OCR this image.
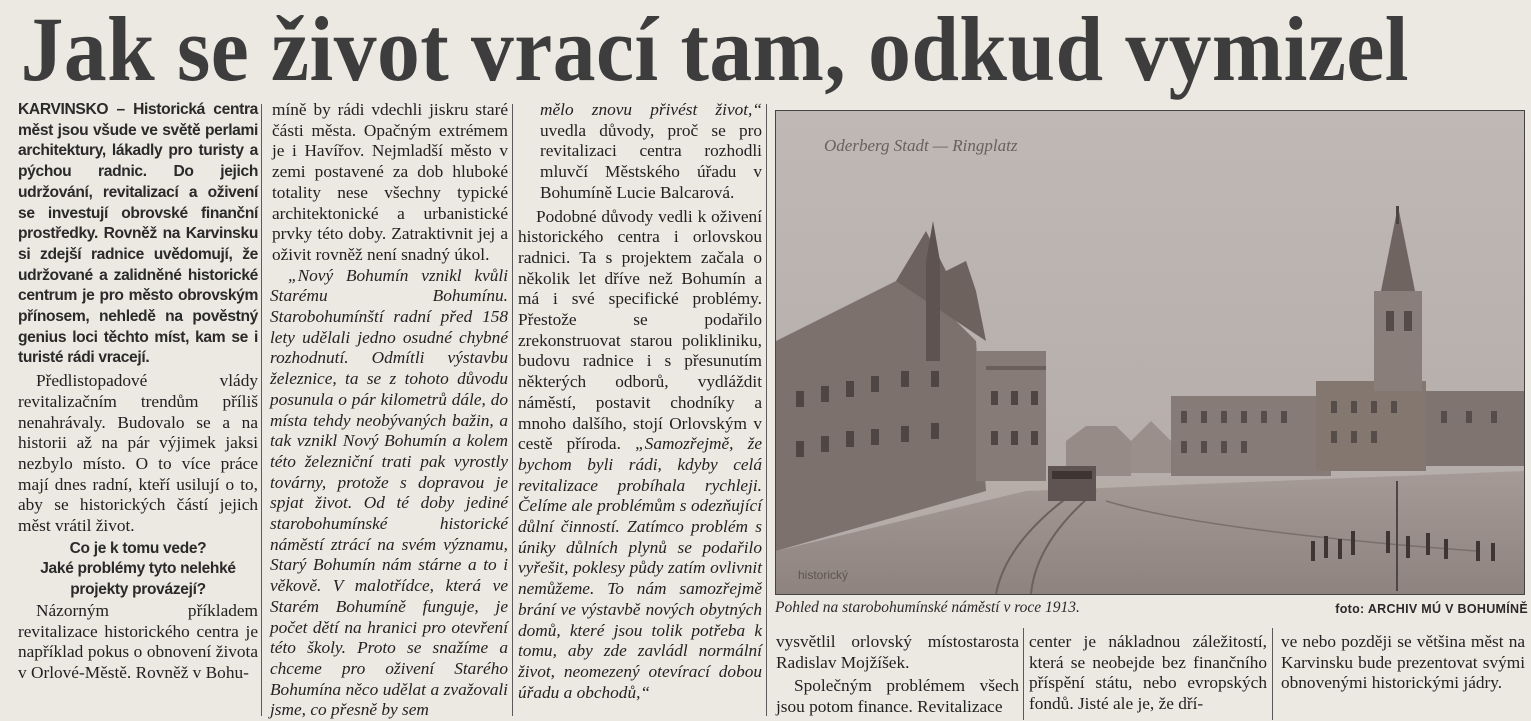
Jak se život vrací tam, odkud vymizel

KARVINSKO – Historická centra měst jsou všude ve světě perlami architektury, lákadly pro turisty a pýchou radnic. Do jejich udržování, revitalizací a oživení se investují obrovské finanční prostředky. Rovněž na Karvinsku si zdejší radnice uvědomují, že udržované a zalidněné historické centrum je pro město obrovským přínosem, nehledě na pověstný genius loci těchto míst, kam se i turisté rádi vracejí.

Předlistopadové vlády revitalizačním trendům příliš nenahrávaly. Budovalo se a na historii až na pár výjimek jaksi nezbylo místo. O to více práce mají dnes radní, kteří usilují o to, aby se historických částí jejich měst vrátil život.

Co je k tomu vede?
Jaké problémy tyto nelehké projekty provázejí?

Názorným příkladem revitalizace historického centra je například pokus o obnovení života v Orlové-Městě. Rovněž v Bohu-

míně by rádi vdechli jiskru staré části města. Opačným extrémem je i Havířov. Nejmladší město v zemi postavené za dob hluboké totality nese všechny typické architektonické a urbanistické prvky této doby. Zatraktivnit jej a oživit rovněž není snadný úkol.

„Nový Bohumín vznikl kvůli Starému Bohumínu. Starobohumínští radní před 158 lety udělali jedno osudné chybné rozhodnutí. Odmítli výstavbu železnice, ta se z tohoto důvodu posunula o pár kilometrů dále, do místa tehdy neobývaných bažin, a tak vznikl Nový Bohumín a kolem této železniční trati pak vyrostly továrny, protože s dopravou je spjat život. Od té doby jediné starobohumínské historické náměstí ztrácí na svém významu, Starý Bohumín nám stárne a to i věkově. V malotřídce, která ve Starém Bohumíně funguje, je počet dětí na hranici pro otevření této školy. Proto se snažíme a chceme pro oživení Starého Bohumína něco udělat a zvažovali jsme, co přesně by sem

mělo znovu přivést život,“ uvedla důvody, proč se pro revitalizaci centra rozhodli mluvčí Městského úřadu v Bohumíně Lucie Balcarová.

Podobné důvody vedli k oživení historického centra i orlovskou radnici. Ta s projektem začala o několik let dříve než Bohumín a má i své specifické problémy. Přestože se podařilo zrekonstruovat starou polikliniku, budovu radnice i s přesunutím některých odborů, vydláždit náměstí, postavit chodníky a mnoho dalšího, stojí Orlovským v cestě příroda. „Samozřejmě, že bychom byli rádi, kdyby celá revitalizace probíhala rychleji. Čelíme ale problémům s odezňující důlní činností. Zatímco problém s úniky důlních plynů se podařilo vyřešit, poklesy půdy zatím ovlivnit nemůžeme. To nám samozřejmě brání ve výstavbě nových obytných domů, které jsou tolik potřeba k tomu, aby zde zavládl normální život, neomezený otevírací dobou úřadu a obchodů,“

Oderberg Stadt — Ringplatz
historický
Pohled na starobohumínské náměstí v roce 1913.	foto: ARCHIV MÚ V BOHUMÍNĚ

vysvětlil orlovský místostarosta Radislav Mojžíšek.

Společným problémem všech jsou potom finance. Revitalizace

center je nákladnou záležitostí, která se neobejde bez finančního příspění státu, nebo evropských fondů. Jisté ale je, že dří-

ve nebo později se většina měst na Karvinsku bude prezentovat svými obnovenými historickými jádry.
